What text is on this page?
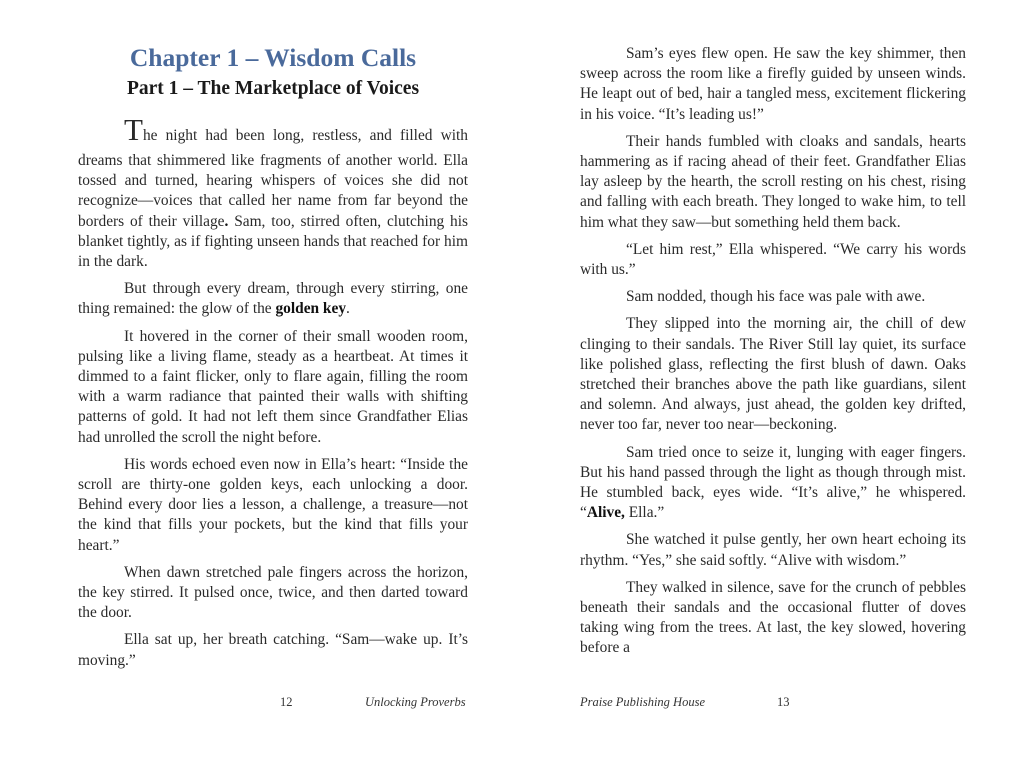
Chapter 1 – Wisdom Calls
Part 1 – The Marketplace of Voices

The night had been long, restless, and filled with dreams that shimmered like fragments of another world. Ella tossed and turned, hearing whispers of voices she did not recognize—voices that called her name from far beyond the borders of their village. Sam, too, stirred often, clutching his blanket tightly, as if fighting unseen hands that reached for him in the dark.

But through every dream, through every stirring, one thing remained: the glow of the golden key.

It hovered in the corner of their small wooden room, pulsing like a living flame, steady as a heartbeat. At times it dimmed to a faint flicker, only to flare again, filling the room with a warm radiance that painted their walls with shifting patterns of gold. It had not left them since Grandfather Elias had unrolled the scroll the night before.

His words echoed even now in Ella’s heart: “Inside the scroll are thirty-one golden keys, each unlocking a door. Behind every door lies a lesson, a challenge, a treasure—not the kind that fills your pockets, but the kind that fills your heart.”

When dawn stretched pale fingers across the horizon, the key stirred. It pulsed once, twice, and then darted toward the door.

Ella sat up, her breath catching. “Sam—wake up. It’s moving.”

12	Unlocking Proverbs

Sam’s eyes flew open. He saw the key shimmer, then sweep across the room like a firefly guided by unseen winds. He leapt out of bed, hair a tangled mess, excitement flickering in his voice. “It’s leading us!”

Their hands fumbled with cloaks and sandals, hearts hammering as if racing ahead of their feet. Grandfather Elias lay asleep by the hearth, the scroll resting on his chest, rising and falling with each breath. They longed to wake him, to tell him what they saw—but something held them back.

“Let him rest,” Ella whispered. “We carry his words with us.”

Sam nodded, though his face was pale with awe.

They slipped into the morning air, the chill of dew clinging to their sandals. The River Still lay quiet, its surface like polished glass, reflecting the first blush of dawn. Oaks stretched their branches above the path like guardians, silent and solemn. And always, just ahead, the golden key drifted, never too far, never too near—beckoning.

Sam tried once to seize it, lunging with eager fingers. But his hand passed through the light as though through mist. He stumbled back, eyes wide. “It’s alive,” he whispered. “Alive, Ella.”

She watched it pulse gently, her own heart echoing its rhythm. “Yes,” she said softly. “Alive with wisdom.”

They walked in silence, save for the crunch of pebbles beneath their sandals and the occasional flutter of doves taking wing from the trees. At last, the key slowed, hovering before a

Praise Publishing House	13
